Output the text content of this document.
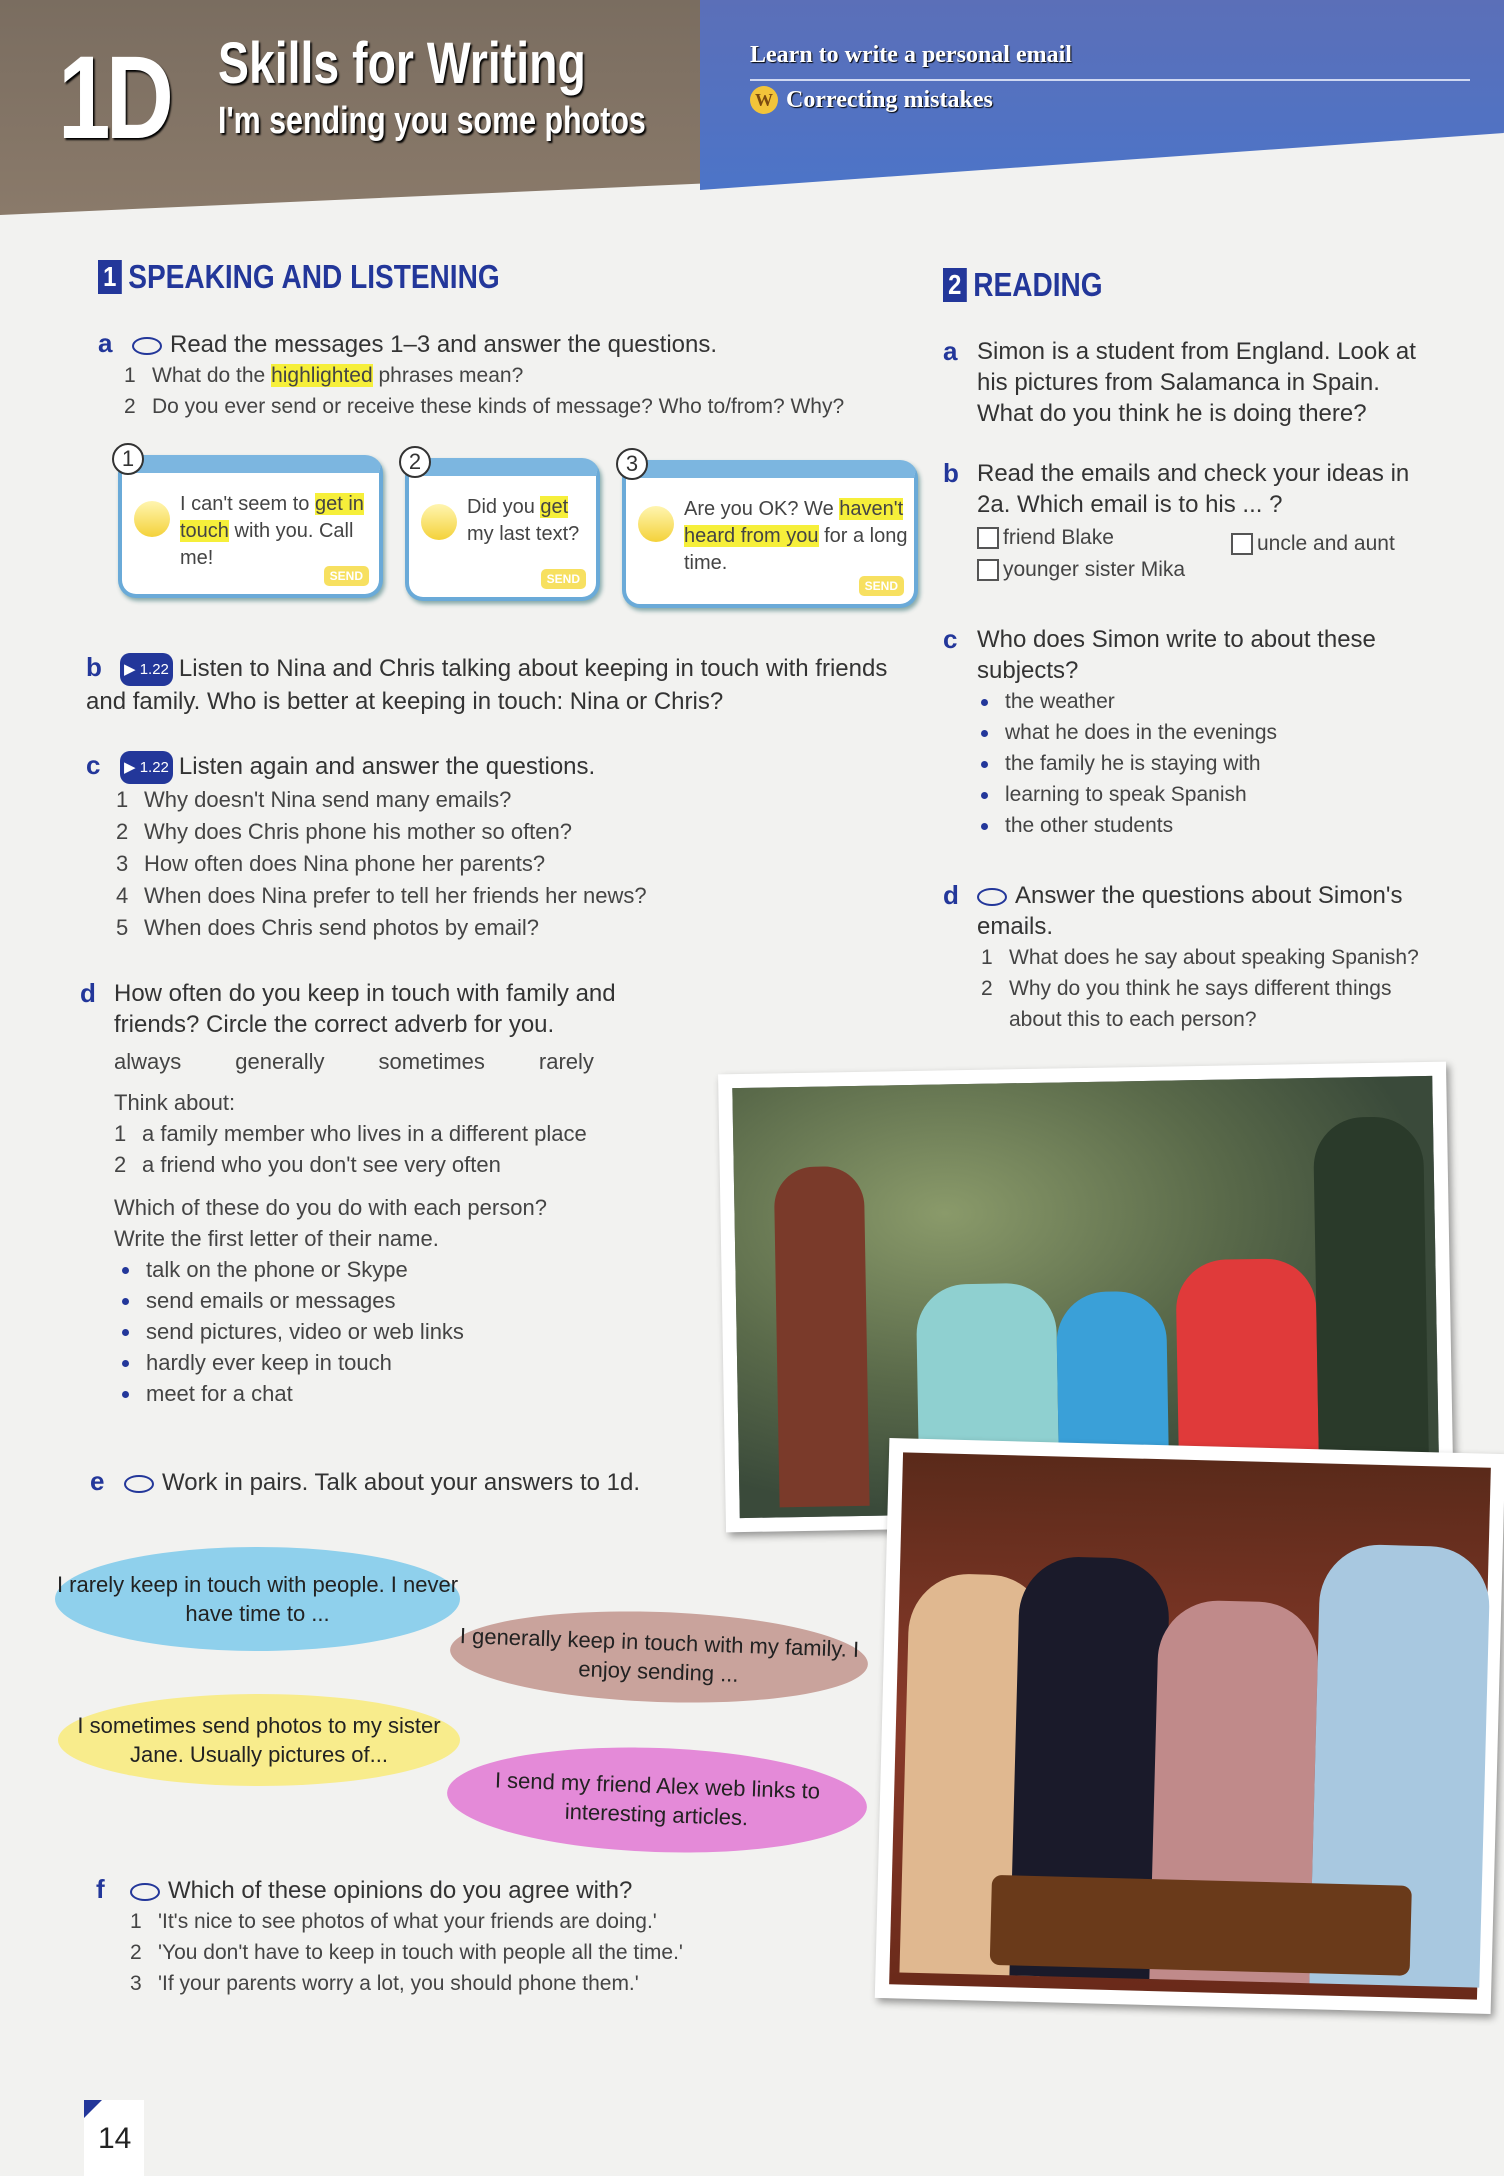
1D Skills for Writing
I'm sending you some photos
Learn to write a personal email
W Correcting mistakes
1 SPEAKING AND LISTENING
a Read the messages 1–3 and answer the questions.
1 What do the highlighted phrases mean?
2 Do you ever send or receive these kinds of message? Who to/from? Why?
1
I can't seem to get in touch with you. Call me!
SEND
2
Did you get my last text?
SEND
3
Are you OK? We haven't heard from you for a long time.
SEND
b ▶ 1.22 Listen to Nina and Chris talking about keeping in touch with friends and family. Who is better at keeping in touch: Nina or Chris?
c ▶ 1.22 Listen again and answer the questions.
1 Why doesn't Nina send many emails?
2 Why does Chris phone his mother so often?
3 How often does Nina phone her parents?
4 When does Nina prefer to tell her friends her news?
5 When does Chris send photos by email?
d How often do you keep in touch with family and friends? Circle the correct adverb for you.
always generally sometimes rarely
Think about:
1 a family member who lives in a different place
2 a friend who you don't see very often
Which of these do you do with each person? Write the first letter of their name.
talk on the phone or Skype
send emails or messages
send pictures, video or web links
hardly ever keep in touch
meet for a chat
e Work in pairs. Talk about your answers to 1d.
I rarely keep in touch with people. I never have time to ...
I generally keep in touch with my family. I enjoy sending ...
I sometimes send photos to my sister Jane. Usually pictures of...
I send my friend Alex web links to interesting articles.
f	Which of these opinions do you agree with?
1 'It's nice to see photos of what your friends are doing.'
2 'You don't have to keep in touch with people all the time.'
3 'If your parents worry a lot, you should phone them.'
2 READING
a Simon is a student from England. Look at his pictures from Salamanca in Spain. What do you think he is doing there?
b Read the emails and check your ideas in 2a. Which email is to his ... ?
friend Blake	uncle and aunt
younger sister Mika
c Who does Simon write to about these subjects?
the weather
what he does in the evenings
the family he is staying with
learning to speak Spanish
the other students
d	Answer the questions about Simon's emails.
1 What does he say about speaking Spanish?
2 Why do you think he says different things about this to each person?
14
